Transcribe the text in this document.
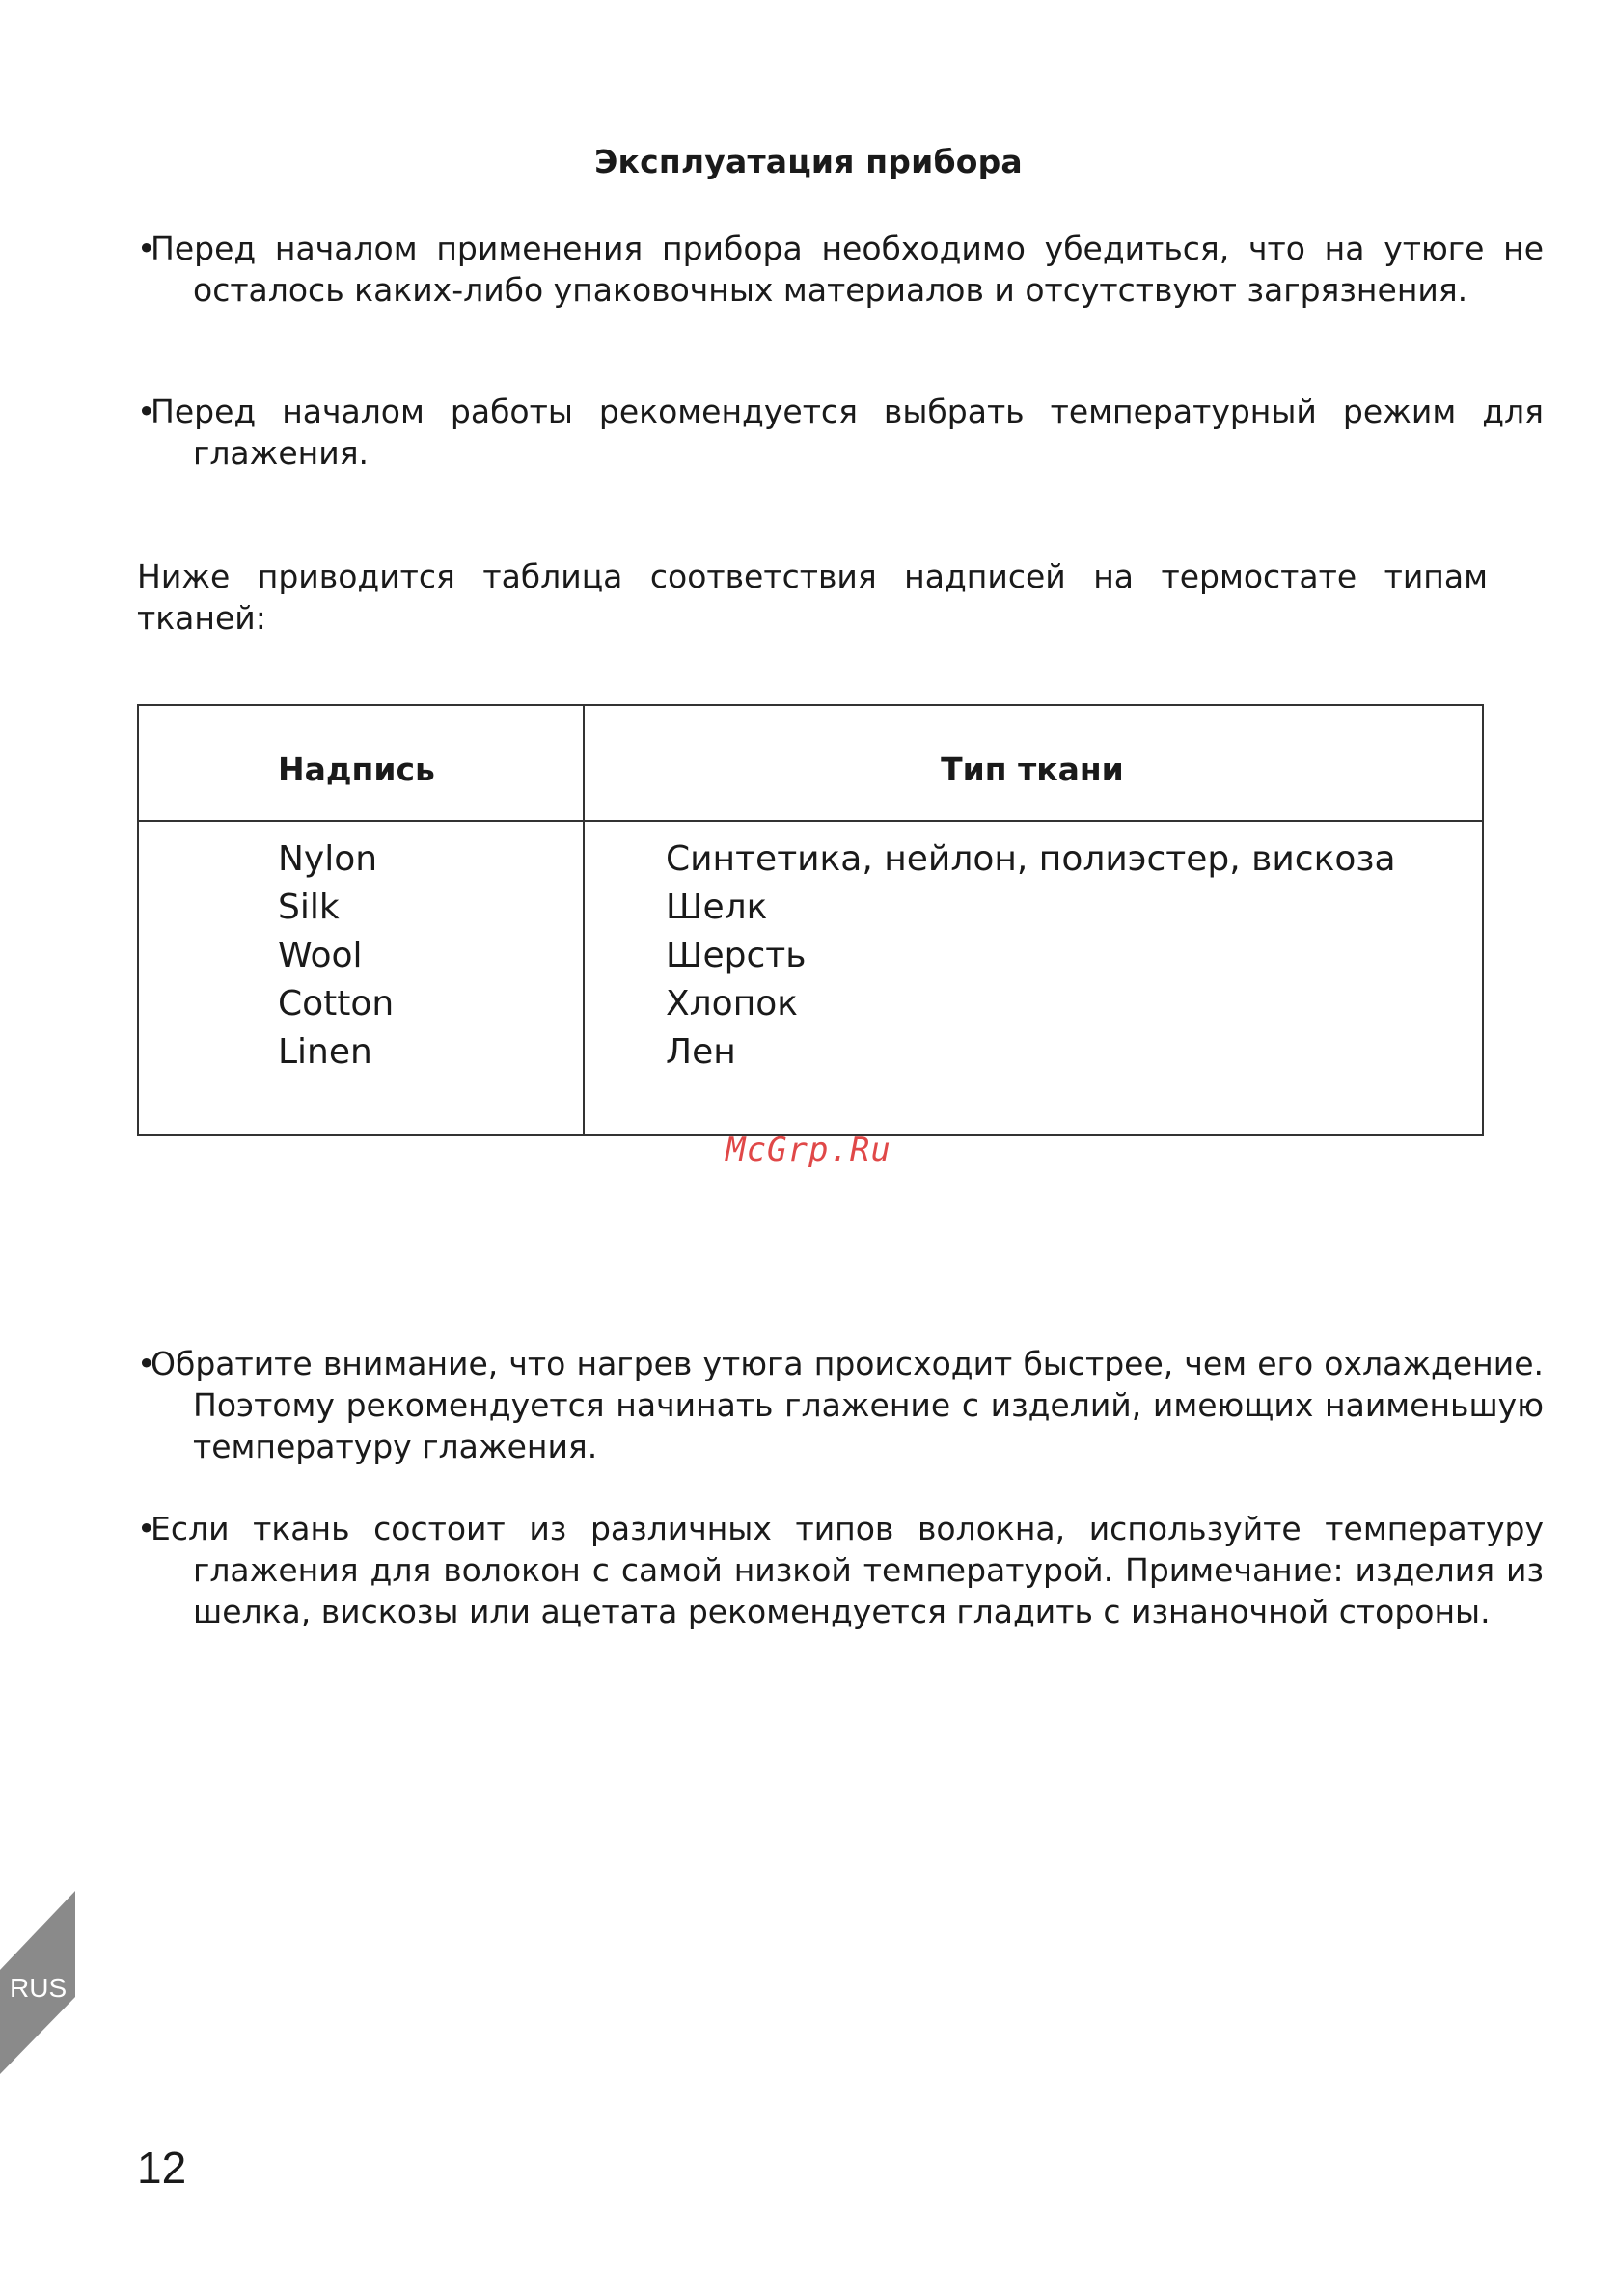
Эксплуатация прибора
•Перед началом применения прибора необходимо убедиться, что на утюге не осталось каких-либо упаковочных материалов и отсутствуют загрязнения.
•Перед началом работы рекомендуется выбрать температурный режим для глажения.
Ниже приводится таблица соответствия надписей на термостате типам тканей:
Надпись	Тип ткани
Nylon
Silk
Wool
Cotton
Linen
Синтетика, нейлон, полиэстер, вискоза
Шелк
Шерсть
Хлопок
Лен
McGrp.Ru
•Обратите внимание, что нагрев утюга происходит быстрее, чем его охлаждение. Поэтому рекомендуется начинать глажение с изделий, имеющих наименьшую температуру глажения.
•Если ткань состоит из различных типов волокна, используйте температуру глажения для волокон с самой низкой температурой. Примечание: изделия из шелка, вискозы или ацетата рекомендуется гладить с изнаночной стороны.
RUS
12
